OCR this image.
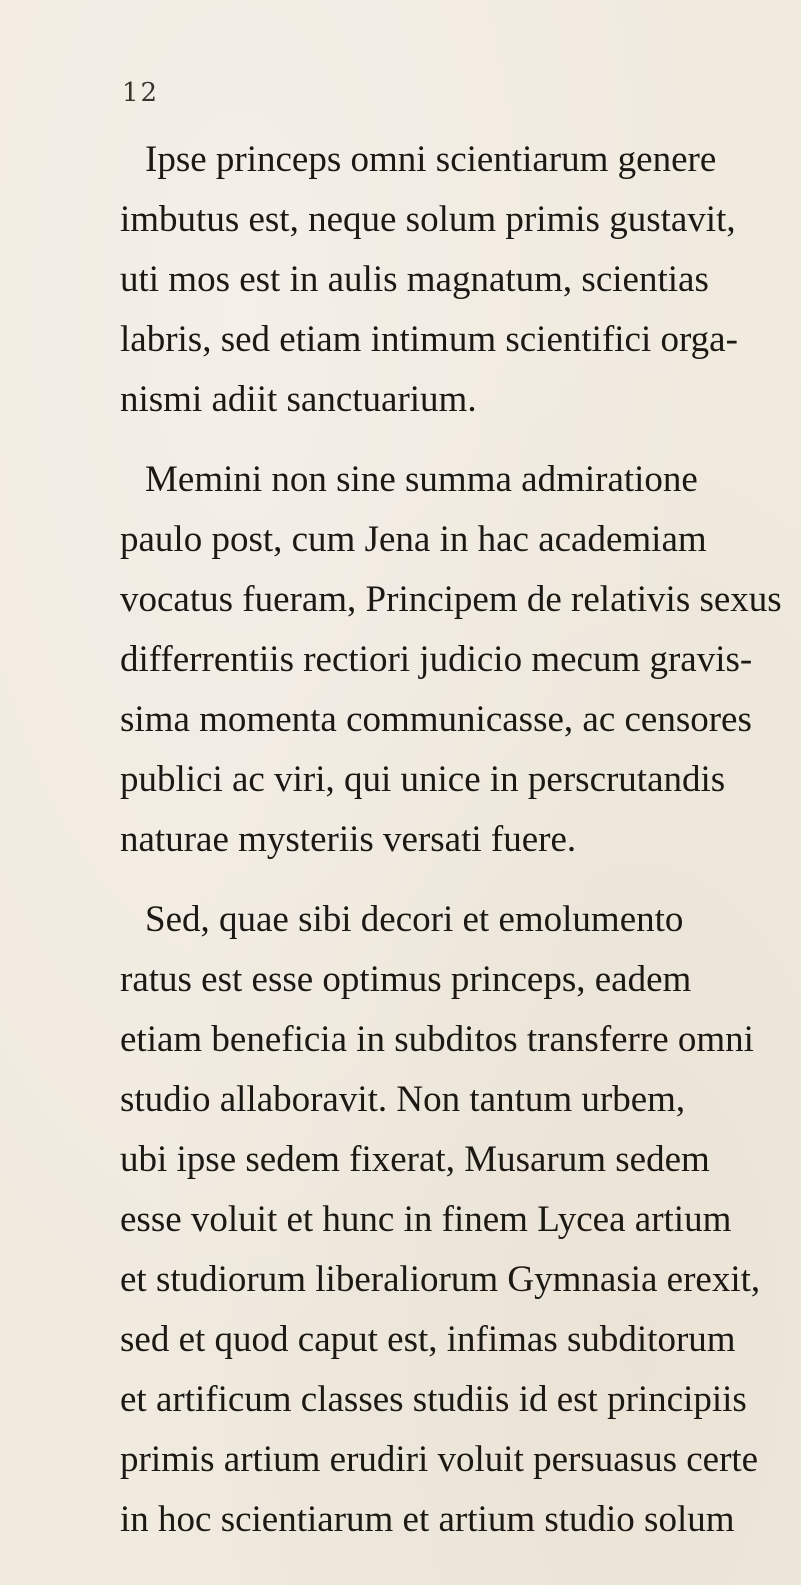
12
Ipse princeps omni scientiarum genere
imbutus est, neque solum primis gustavit,
uti mos est in aulis magnatum, scientias
labris, sed etiam intimum scientifici orga-
nismi adiit sanctuarium.
Memini non sine summa admiratione
paulo post, cum Jena in hac academiam
vocatus fueram, Principem de relativis sexus
differrentiis rectiori judicio mecum gravis-
sima momenta communicasse, ac censores
publici ac viri, qui unice in perscrutandis
naturae mysteriis versati fuere.
Sed, quae sibi decori et emolumento
ratus est esse optimus princeps, eadem
etiam beneficia in subditos transferre omni
studio allaboravit. Non tantum urbem,
ubi ipse sedem fixerat, Musarum sedem
esse voluit et hunc in finem Lycea artium
et studiorum liberaliorum Gymnasia erexit,
sed et quod caput est, infimas subditorum
et artificum classes studiis id est principiis
primis artium erudiri voluit persuasus certe
in hoc scientiarum et artium studio solum
